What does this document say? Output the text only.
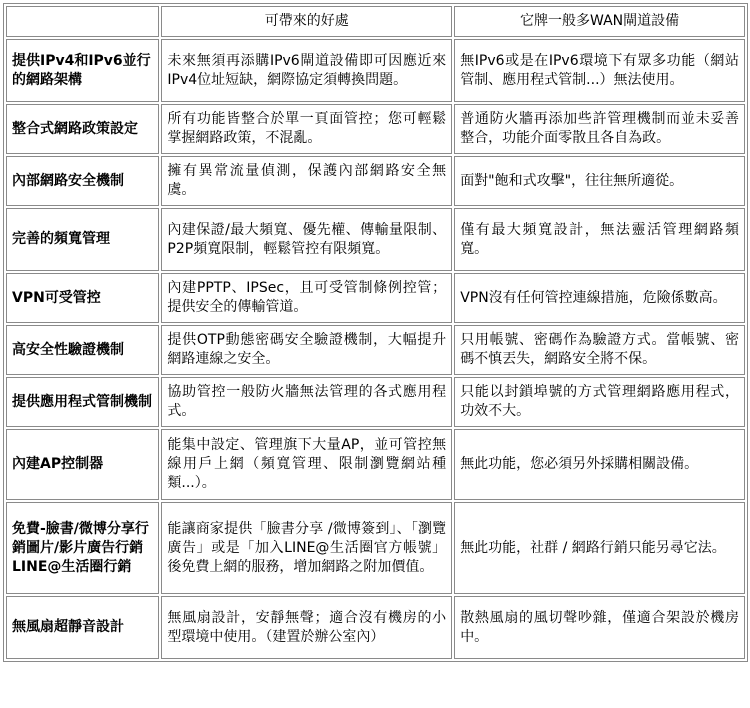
	可帶來的好處	它牌一般多WAN閘道設備
提供IPv4和IPv6並行的網路架構	未來無須再添購IPv6閘道設備即可因應近來IPv4位址短缺，網際協定須轉換問題。	無IPv6或是在IPv6環境下有眾多功能（網站管制、應用程式管制...）無法使用。
整合式網路政策設定	所有功能皆整合於單一頁面管控；您可輕鬆掌握網路政策，不混亂。	普通防火牆再添加些許管理機制而並未妥善整合，功能介面零散且各自為政。
內部網路安全機制	擁有異常流量偵測，保護內部網路安全無虞。	面對"飽和式攻擊"，往往無所適從。
完善的頻寬管理	內建保證/最大頻寬、優先權、傳輸量限制、P2P頻寬限制，輕鬆管控有限頻寬。	僅有最大頻寬設計，無法靈活管理網路頻寬。
VPN可受管控	內建PPTP、IPSec，且可受管制條例控管；提供安全的傳輸管道。	VPN沒有任何管控連線措施，危險係數高。
高安全性驗證機制	提供OTP動態密碼安全驗證機制，大幅提升網路連線之安全。	只用帳號、密碼作為驗證方式。當帳號、密碼不慎丟失，網路安全將不保。
提供應用程式管制機制	協助管控一般防火牆無法管理的各式應用程式。	只能以封鎖埠號的方式管理網路應用程式，功效不大。
內建AP控制器	能集中設定、管理旗下大量AP，並可管控無線用戶上網（頻寬管理、限制瀏覽網站種類...）。	無此功能，您必須另外採購相關設備。
免費-臉書/微博分享行銷圖片/影片廣告行銷LINE@生活圈行銷	能讓商家提供「臉書分享 /微博簽到」、「瀏覽廣告」或是「加入LINE@生活圈官方帳號」後免費上網的服務，增加網路之附加價值。	無此功能，社群 / 網路行銷只能另尋它法。
無風扇超靜音設計	無風扇設計，安靜無聲；適合沒有機房的小型環境中使用。（建置於辦公室內）	散熱風扇的風切聲吵雜，僅適合架設於機房中。
